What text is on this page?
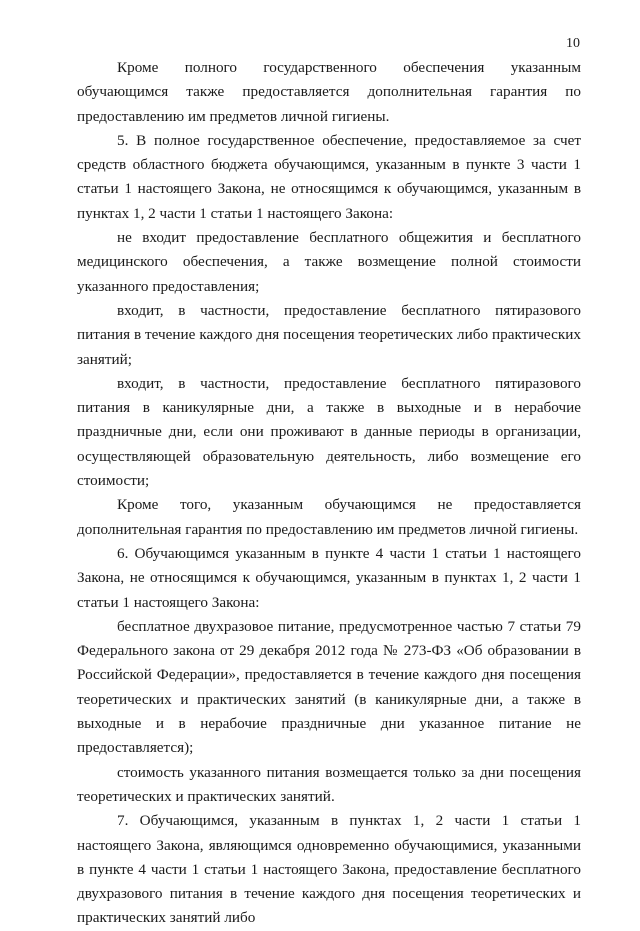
10

Кроме полного государственного обеспечения указанным обучающимся также предоставляется дополнительная гарантия по предоставлению им предметов личной гигиены.

5. В полное государственное обеспечение, предоставляемое за счет средств областного бюджета обучающимся, указанным в пункте 3 части 1 статьи 1 настоящего Закона, не относящимся к обучающимся, указанным в пунктах 1, 2 части 1 статьи 1 настоящего Закона:

не входит предоставление бесплатного общежития и бесплатного медицинского обеспечения, а также возмещение полной стоимости указанного предоставления;

входит, в частности, предоставление бесплатного пятиразового питания в течение каждого дня посещения теоретических либо практических занятий;

входит, в частности, предоставление бесплатного пятиразового питания в каникулярные дни, а также в выходные и в нерабочие праздничные дни, если они проживают в данные периоды в организации, осуществляющей образовательную деятельность, либо возмещение его стоимости;

Кроме того, указанным обучающимся не предоставляется дополнительная гарантия по предоставлению им предметов личной гигиены.

6. Обучающимся указанным в пункте 4 части 1 статьи 1 настоящего Закона, не относящимся к обучающимся, указанным в пунктах 1, 2 части 1 статьи 1 настоящего Закона:

бесплатное двухразовое питание, предусмотренное частью 7 статьи 79 Федерального закона от 29 декабря 2012 года № 273-ФЗ «Об образовании в Российской Федерации», предоставляется в течение каждого дня посещения теоретических и практических занятий (в каникулярные дни, а также в выходные и в нерабочие праздничные дни указанное питание не предоставляется);

стоимость указанного питания возмещается только за дни посещения теоретических и практических занятий.

7. Обучающимся, указанным в пунктах 1, 2 части 1 статьи 1 настоящего Закона, являющимся одновременно обучающимися, указанными в пункте 4 части 1 статьи 1 настоящего Закона, предоставление бесплатного двухразового питания в течение каждого дня посещения теоретических и практических занятий либо
